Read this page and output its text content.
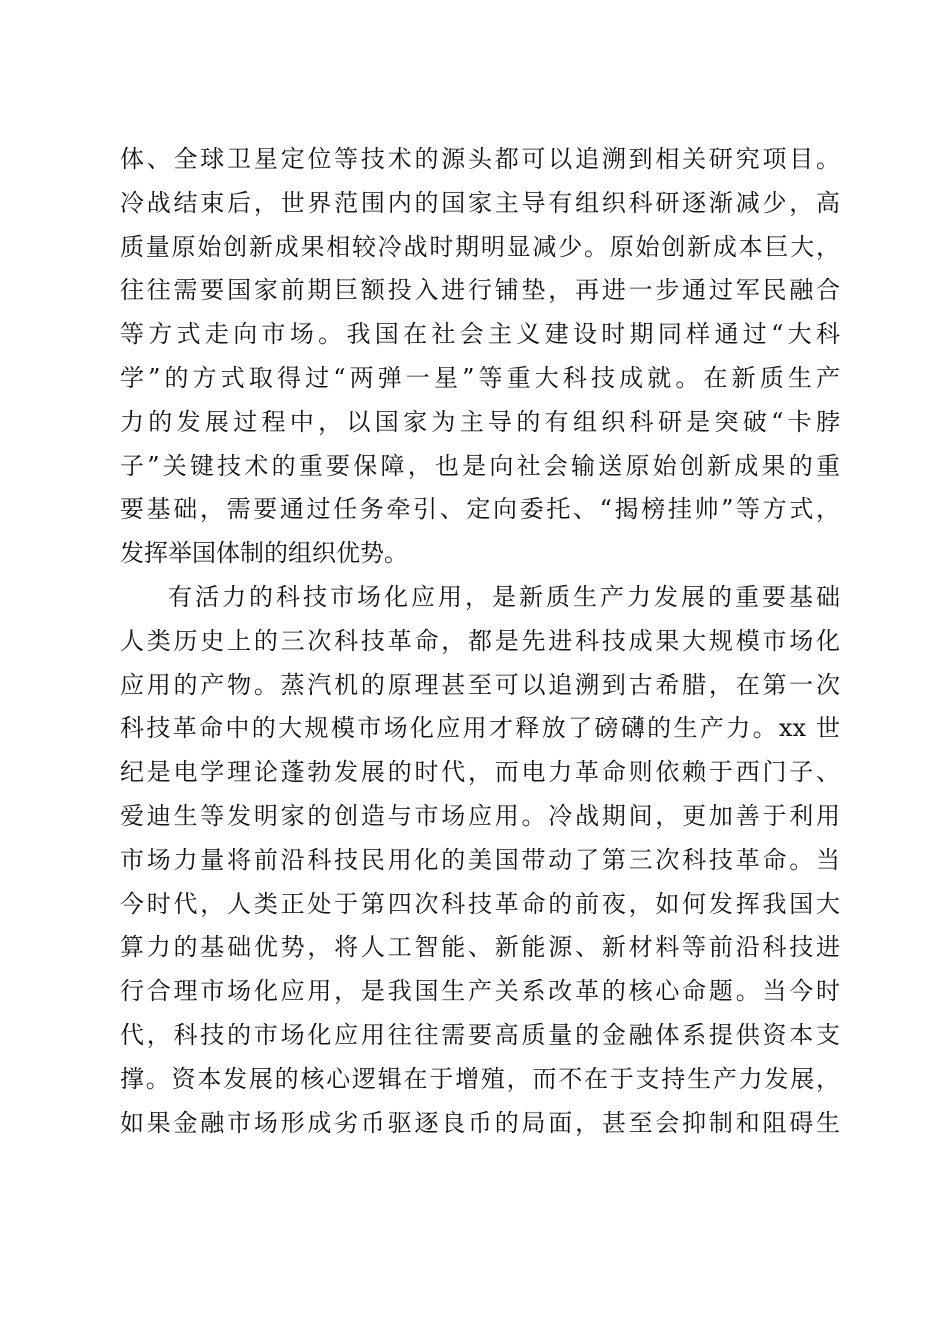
体、全球卫星定位等技术的源头都可以追溯到相关研究项目。
冷战结束后，世界范围内的国家主导有组织科研逐渐减少，高
质量原始创新成果相较冷战时期明显减少。原始创新成本巨大，
往往需要国家前期巨额投入进行铺垫，再进一步通过军民融合
等方式走向市场。我国在社会主义建设时期同样通过“大科
学”的方式取得过“两弹一星”等重大科技成就。在新质生产
力的发展过程中，以国家为主导的有组织科研是突破“卡脖
子”关键技术的重要保障，也是向社会输送原始创新成果的重
要基础，需要通过任务牵引、定向委托、“揭榜挂帅”等方式，
发挥举国体制的组织优势。
有活力的科技市场化应用，是新质生产力发展的重要基础
人类历史上的三次科技革命，都是先进科技成果大规模市场化
应用的产物。蒸汽机的原理甚至可以追溯到古希腊，在第一次
科技革命中的大规模市场化应用才释放了磅礴的生产力。xx 世
纪是电学理论蓬勃发展的时代，而电力革命则依赖于西门子、
爱迪生等发明家的创造与市场应用。冷战期间，更加善于利用
市场力量将前沿科技民用化的美国带动了第三次科技革命。当
今时代，人类正处于第四次科技革命的前夜，如何发挥我国大
算力的基础优势，将人工智能、新能源、新材料等前沿科技进
行合理市场化应用，是我国生产关系改革的核心命题。当今时
代，科技的市场化应用往往需要高质量的金融体系提供资本支
撑。资本发展的核心逻辑在于增殖，而不在于支持生产力发展，
如果金融市场形成劣币驱逐良币的局面，甚至会抑制和阻碍生
